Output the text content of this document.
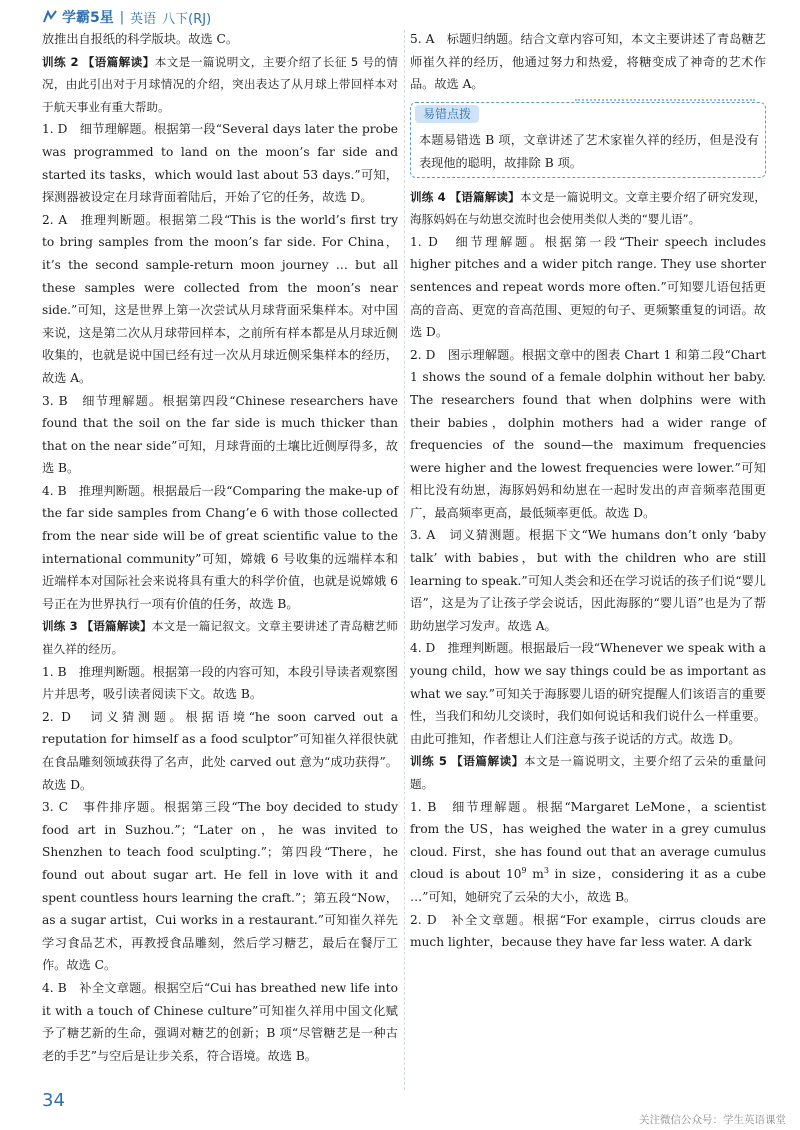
学霸5星 | 英语 八下(RJ)

放推出自报纸的科学版块。故选 C。

训练 2 【语篇解读】本文是一篇说明文，主要介绍了长征 5 号的情况，由此引出对于月球情况的介绍，突出表达了从月球上带回样本对于航天事业有重大帮助。

1. D　细节理解题。根据第一段“Several days later the probe was programmed to land on the moon’s far side and started its tasks，which would last about 53 days.”可知，探测器被设定在月球背面着陆后，开始了它的任务，故选 D。

2. A　推理判断题。根据第二段“This is the world’s first try to bring samples from the moon’s far side. For China，it’s the second sample-return moon journey … but all these samples were collected from the moon’s near side.”可知，这是世界上第一次尝试从月球背面采集样本。对中国来说，这是第二次从月球带回样本，之前所有样本都是从月球近侧收集的，也就是说中国已经有过一次从月球近侧采集样本的经历，故选 A。

3. B　细节理解题。根据第四段“Chinese researchers have found that the soil on the far side is much thicker than that on the near side”可知，月球背面的土壤比近侧厚得多，故选 B。

4. B　推理判断题。根据最后一段“Comparing the make-up of the far side samples from Chang’e 6 with those collected from the near side will be of great scientific value to the international community”可知，嫦娥 6 号收集的远端样本和近端样本对国际社会来说将具有重大的科学价值，也就是说嫦娥 6 号正在为世界执行一项有价值的任务，故选 B。

训练 3 【语篇解读】本文是一篇记叙文。文章主要讲述了青岛糖艺师崔久祥的经历。

1. B　推理判断题。根据第一段的内容可知，本段引导读者观察图片并思考，吸引读者阅读下文。故选 B。

2. D　词义猜测题。根据语境“he soon carved out a reputation for himself as a food sculptor”可知崔久祥很快就在食品雕刻领域获得了名声，此处 carved out 意为“成功获得”。故选 D。

3. C　事件排序题。根据第三段“The boy decided to study food art in Suzhou.”；“Later on，he was invited to Shenzhen to teach food sculpting.”；第四段“There，he found out about sugar art. He fell in love with it and spent countless hours learning the craft.”；第五段“Now，as a sugar artist，Cui works in a restaurant.”可知崔久祥先学习食品艺术，再教授食品雕刻，然后学习糖艺，最后在餐厅工作。故选 C。

4. B　补全文章题。根据空后“Cui has breathed new life into it with a touch of Chinese culture”可知崔久祥用中国文化赋予了糖艺新的生命，强调对糖艺的创新；B 项“尽管糖艺是一种古老的手艺”与空后是让步关系，符合语境。故选 B。

5. A　标题归纳题。结合文章内容可知，本文主要讲述了青岛糖艺师崔久祥的经历，他通过努力和热爱，将糖变成了神奇的艺术作品。故选 A。

易错点拨

本题易错选 B 项，文章讲述了艺术家崔久祥的经历，但是没有表现他的聪明，故排除 B 项。

训练 4 【语篇解读】本文是一篇说明文。文章主要介绍了研究发现，海豚妈妈在与幼崽交流时也会使用类似人类的“婴儿语”。

1. D　细节理解题。根据第一段“Their speech includes higher pitches and a wider pitch range. They use shorter sentences and repeat words more often.”可知婴儿语包括更高的音高、更宽的音高范围、更短的句子、更频繁重复的词语。故选 D。

2. D　图示理解题。根据文章中的图表 Chart 1 和第二段“Chart 1 shows the sound of a female dolphin without her baby. The researchers found that when dolphins were with their babies，dolphin mothers had a wider range of frequencies of the sound—the maximum frequencies were higher and the lowest frequencies were lower.”可知相比没有幼崽，海豚妈妈和幼崽在一起时发出的声音频率范围更广，最高频率更高，最低频率更低。故选 D。

3. A　词义猜测题。根据下文“We humans don’t only ‘baby talk’ with babies，but with the children who are still learning to speak.”可知人类会和还在学习说话的孩子们说“婴儿语”，这是为了让孩子学会说话，因此海豚的“婴儿语”也是为了帮助幼崽学习发声。故选 A。

4. D　推理判断题。根据最后一段“Whenever we speak with a young child，how we say things could be as important as what we say.”可知关于海豚婴儿语的研究提醒人们该语言的重要性，当我们和幼儿交谈时，我们如何说话和我们说什么一样重要。由此可推知，作者想让人们注意与孩子说话的方式。故选 D。

训练 5 【语篇解读】本文是一篇说明文，主要介绍了云朵的重量问题。

1. B　细节理解题。根据“Margaret LeMone，a scientist from the US，has weighed the water in a grey cumulus cloud. First，she has found out that an average cumulus cloud is about $10^9$ $m^3$ in size，considering it as a cube …”可知，她研究了云朵的大小，故选 B。

2. D　补全文章题。根据“For example，cirrus clouds are much lighter，because they have far less water. A dark

34
关注微信公众号：学生英语课堂
